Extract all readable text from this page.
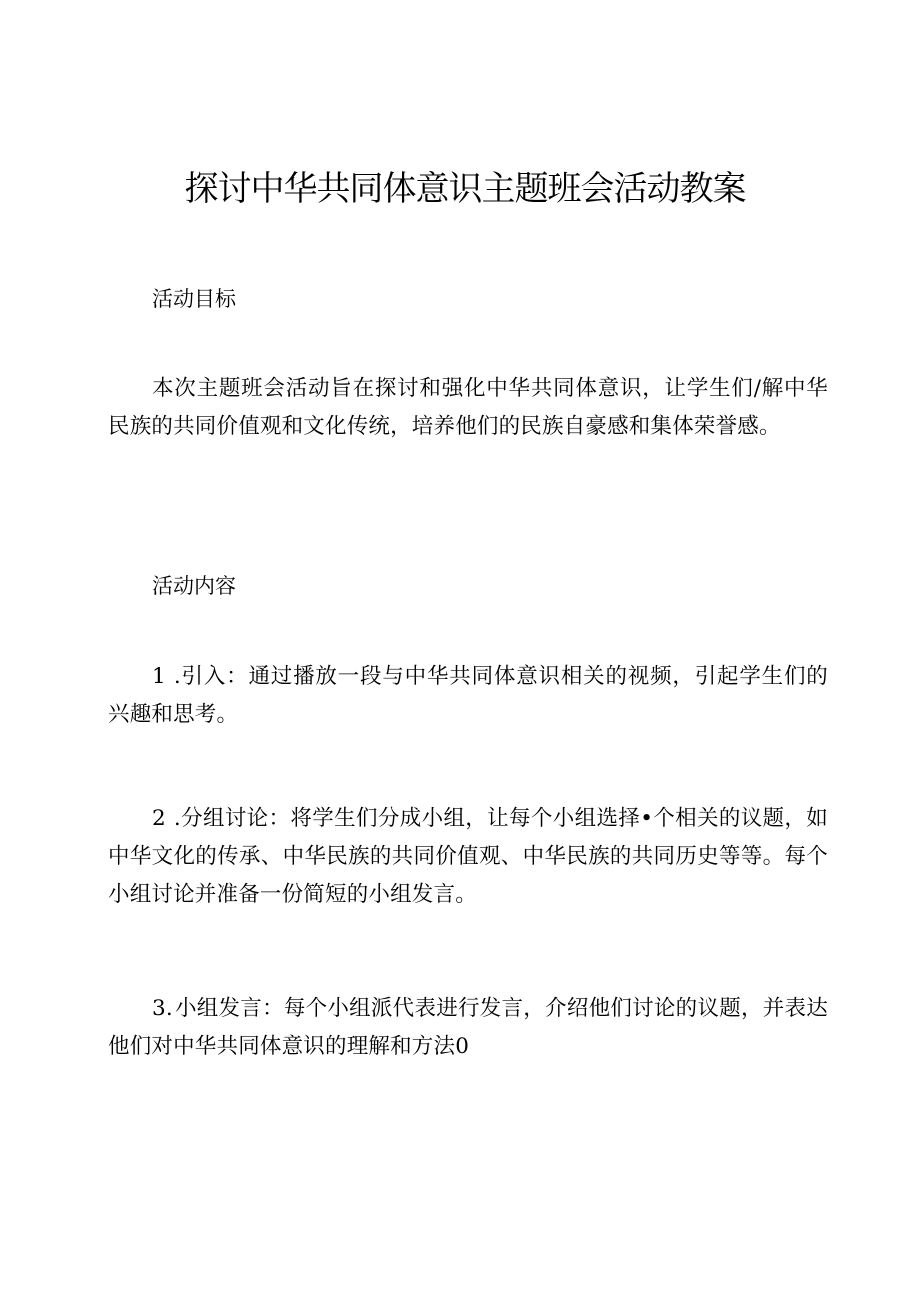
探讨中华共同体意识主题班会活动教案
活动目标
本次主题班会活动旨在探讨和强化中华共同体意识，让学生们/解中华民族的共同价值观和文化传统，培养他们的民族自豪感和集体荣誉感。
活动内容
1 .引入：通过播放一段与中华共同体意识相关的视频，引起学生们的兴趣和思考。
2 .分组讨论：将学生们分成小组，让每个小组选择•个相关的议题，如中华文化的传承、中华民族的共同价值观、中华民族的共同历史等等。每个小组讨论并准备一份简短的小组发言。
3.小组发言：每个小组派代表进行发言，介绍他们讨论的议题，并表达他们对中华共同体意识的理解和方法0
